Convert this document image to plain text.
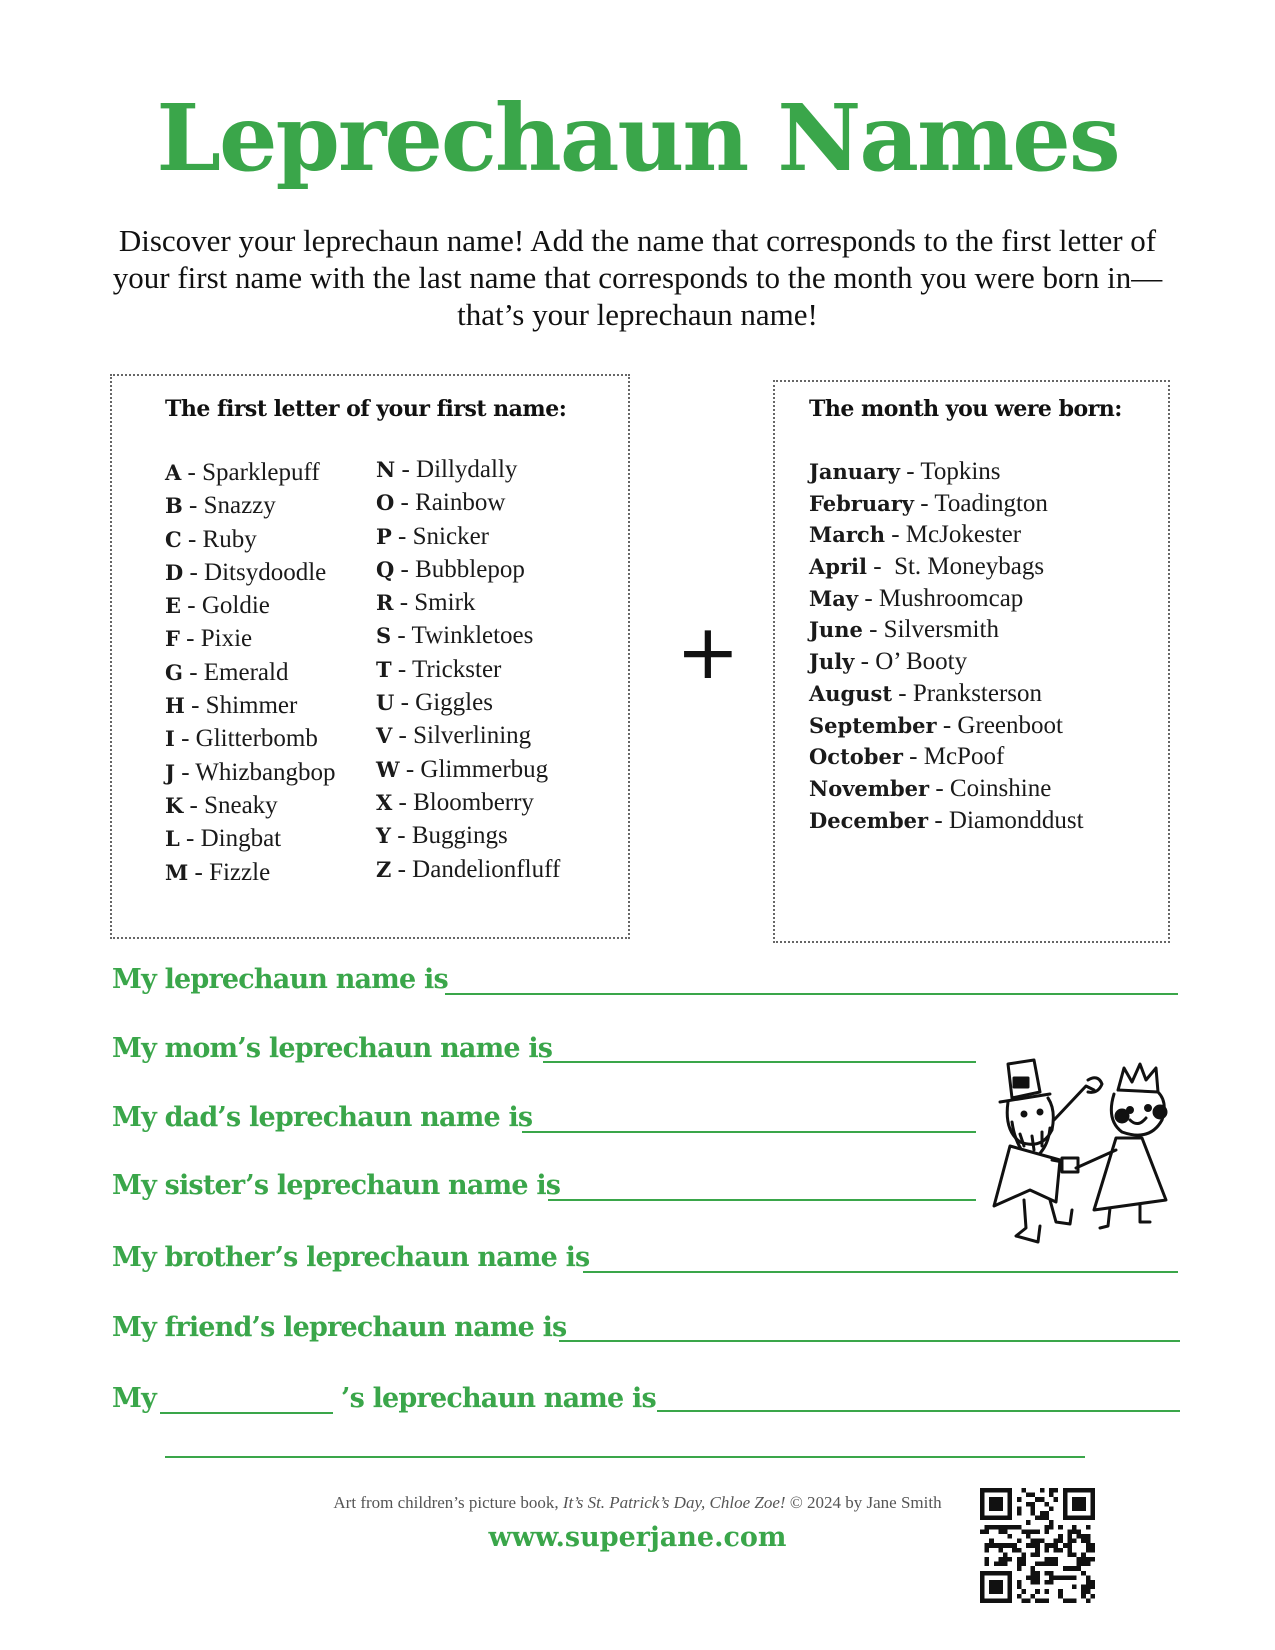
Leprechaun Names
Discover your leprechaun name! Add the name that corresponds to the first letter of your first name with the last name that corresponds to the month you were born in—that’s your leprechaun name!
The first letter of your first name:
A - Sparklepuff
B - Snazzy
C - Ruby
D - Ditsydoodle
E - Goldie
F - Pixie
G - Emerald
H - Shimmer
I - Glitterbomb
J - Whizbangbop
K - Sneaky
L - Dingbat
M - Fizzle
N - Dillydally
O - Rainbow
P - Snicker
Q - Bubblepop
R - Smirk
S - Twinkletoes
T - Trickster
U - Giggles
V - Silverlining
W - Glimmerbug
X - Bloomberry
Y - Buggings
Z - Dandelionfluff
+
The month you were born:
January - Topkins
February - Toadington
March - McJokester
April -  St. Moneybags
May - Mushroomcap
June - Silversmith
July - O’ Booty
August - Pranksterson
September - Greenboot
October - McPoof
November - Coinshine
December - Diamonddust
My leprechaun name is
My mom’s leprechaun name is
My dad’s leprechaun name is
My sister’s leprechaun name is
My brother’s leprechaun name is
My friend’s leprechaun name is
My	’s leprechaun name is
Art from children’s picture book, It’s St. Patrick’s Day, Chloe Zoe! © 2024 by Jane Smith
www.superjane.com
